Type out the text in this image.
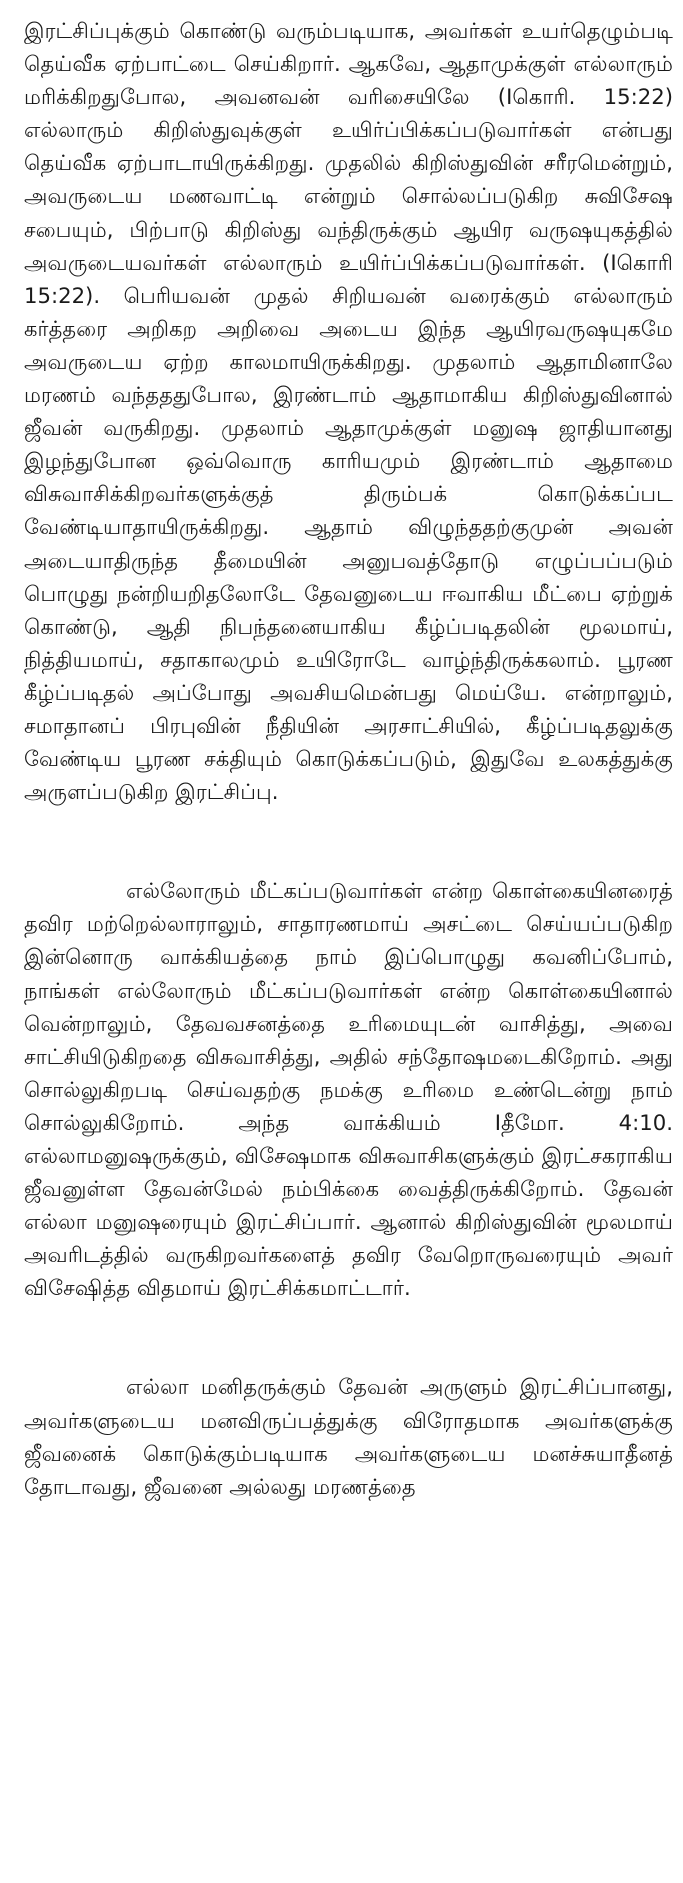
இரட்சிப்புக்கும் கொண்டு வரும்படியாக, அவர்கள் உயர்தெழும்படி தெய்வீக ஏற்பாட்டை செய்கிறார். ஆகவே, ஆதாமுக்குள் எல்லாரும் மரிக்கிறதுபோல, அவனவன் வரிசையிலே (Iகொரி. 15:22) எல்லாரும் கிறிஸ்துவுக்குள் உயிர்ப்பிக்கப்படுவார்கள் என்பது தெய்வீக ஏற்பாடாயிருக்கிறது. முதலில் கிறிஸ்துவின் சரீரமென்றும், அவருடைய மணவாட்டி என்றும் சொல்லப்படுகிற சுவிசேஷ சபையும், பிற்பாடு கிறிஸ்து வந்திருக்கும் ஆயிர வருஷயுகத்தில் அவருடையவர்கள் எல்லாரும் உயிர்ப்பிக்கப்படுவார்கள். (Iகொரி 15:22). பெரியவன் முதல் சிறியவன் வரைக்கும் எல்லாரும் கர்த்தரை அறிகற அறிவை அடைய இந்த ஆயிரவருஷயுகமே அவருடைய ஏற்ற காலமாயிருக்கிறது. முதலாம் ஆதாமினாலே மரணம் வந்தததுபோல, இரண்டாம் ஆதாமாகிய கிறிஸ்துவினால் ஜீவன் வருகிறது. முதலாம் ஆதாமுக்குள் மனுஷ ஜாதியானது இழந்துபோன ஒவ்வொரு காரியமும் இரண்டாம் ஆதாமை விசுவாசிக்கிறவர்களுக்குத் திரும்பக் கொடுக்கப்பட வேண்டியாதாயிருக்கிறது. ஆதாம் விழுந்ததற்குமுன் அவன் அடையாதிருந்த தீமையின் அனுபவத்தோடு எழுப்பப்படும் பொழுது நன்றியறிதலோடே தேவனுடைய ஈவாகிய மீட்பை ஏற்றுக் கொண்டு, ஆதி நிபந்தனையாகிய கீழ்ப்படிதலின் மூலமாய், நித்தியமாய், சதாகாலமும் உயிரோடே வாழ்ந்திருக்கலாம். பூரண கீழ்ப்படிதல் அப்போது அவசியமென்பது மெய்யே. என்றாலும், சமாதானப் பிரபுவின் நீதியின் அரசாட்சியில், கீழ்ப்படிதலுக்கு வேண்டிய பூரண சக்தியும் கொடுக்கப்படும், இதுவே உலகத்துக்கு அருளப்படுகிற இரட்சிப்பு.

எல்லோரும் மீட்கப்படுவார்கள் என்ற கொள்கையினரைத் தவிர மற்றெல்லாராலும், சாதாரணமாய் அசட்டை செய்யப்படுகிற இன்னொரு வாக்கியத்தை நாம் இப்பொழுது கவனிப்போம், நாங்கள் எல்லோரும் மீட்கப்படுவார்கள் என்ற கொள்கையினால் வென்றாலும், தேவவசனத்தை உரிமையுடன் வாசித்து, அவை சாட்சியிடுகிறதை விசுவாசித்து, அதில் சந்தோஷமடைகிறோம். அது சொல்லுகிறபடி செய்வதற்கு நமக்கு உரிமை உண்டென்று நாம் சொல்லுகிறோம். அந்த வாக்கியம் Iதீமோ. 4:10. எல்லாமனுஷருக்கும், விசேஷமாக விசுவாசிகளுக்கும் இரட்சகராகிய ஜீவனுள்ள தேவன்மேல் நம்பிக்கை வைத்திருக்கிறோம். தேவன் எல்லா மனுஷரையும் இரட்சிப்பார். ஆனால் கிறிஸ்துவின் மூலமாய் அவரிடத்தில் வருகிறவர்களைத் தவிர வேறொருவரையும் அவர் விசேஷித்த விதமாய் இரட்சிக்கமாட்டார்.

எல்லா மனிதருக்கும் தேவன் அருளும் இரட்சிப்பானது, அவர்களுடைய மனவிருப்பத்துக்கு விரோதமாக அவர்களுக்கு ஜீவனைக் கொடுக்கும்படியாக அவர்களுடைய மனச்சுயாதீனத் தோடாவது, ஜீவனை அல்லது மரணத்தை
